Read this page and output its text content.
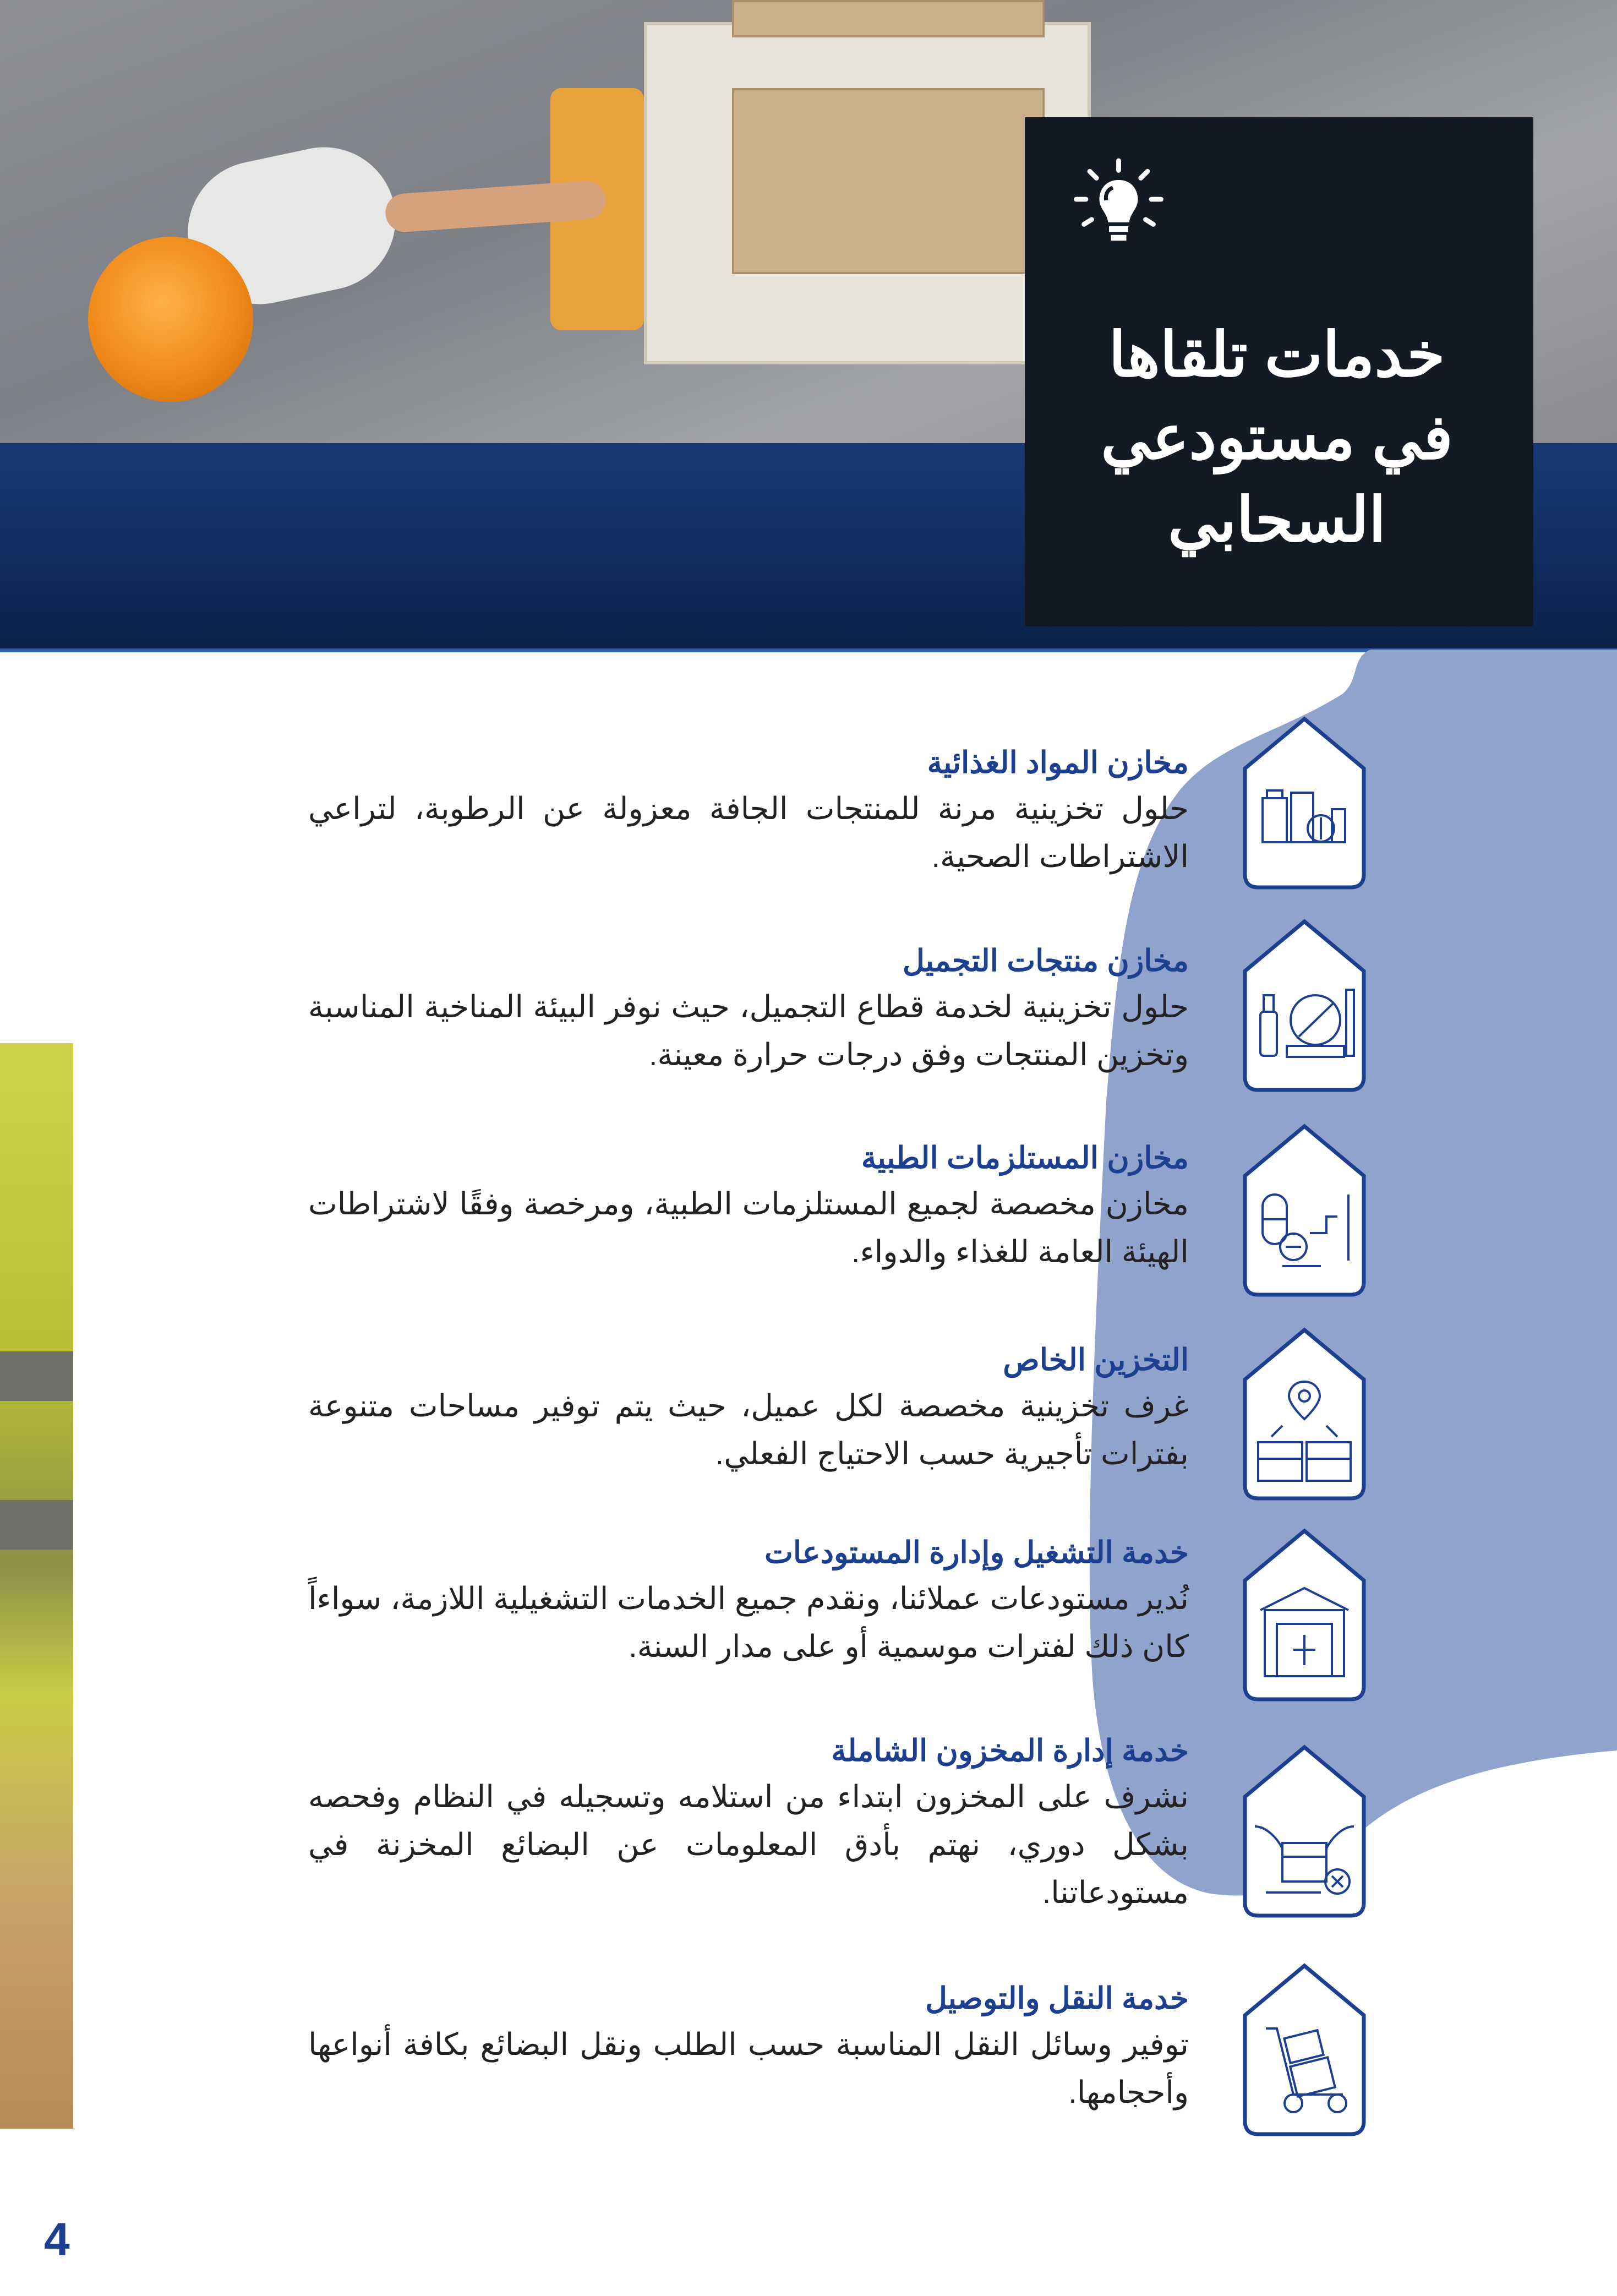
خدمات تلقاها
في مستودعي
السحابي
مخازن المواد الغذائية
حلول تخزينية مرنة للمنتجات الجافة معزولة عن الرطوبة، لتراعي الاشتراطات الصحية.
مخازن منتجات التجميل
حلول تخزينية لخدمة قطاع التجميل، حيث نوفر البيئة المناخية المناسبة وتخزين المنتجات وفق درجات حرارة معينة.
مخازن المستلزمات الطبية
مخازن مخصصة لجميع المستلزمات الطبية، ومرخصة وفقًا لاشتراطات الهيئة العامة للغذاء والدواء.
التخزين الخاص
غرف تخزينية مخصصة لكل عميل، حيث يتم توفير مساحات متنوعة بفترات تأجيرية حسب الاحتياج الفعلي.
خدمة التشغيل وإدارة المستودعات
نُدير مستودعات عملائنا، ونقدم جميع الخدمات التشغيلية اللازمة، سواءاً كان ذلك لفترات موسمية أو على مدار السنة.
خدمة إدارة المخزون الشاملة
نشرف على المخزون ابتداء من استلامه وتسجيله في النظام وفحصه بشكل دوري، نهتم بأدق المعلومات عن البضائع المخزنة في مستودعاتنا.
خدمة النقل والتوصيل
توفير وسائل النقل المناسبة حسب الطلب ونقل البضائع بكافة أنواعها وأحجامها.
4
